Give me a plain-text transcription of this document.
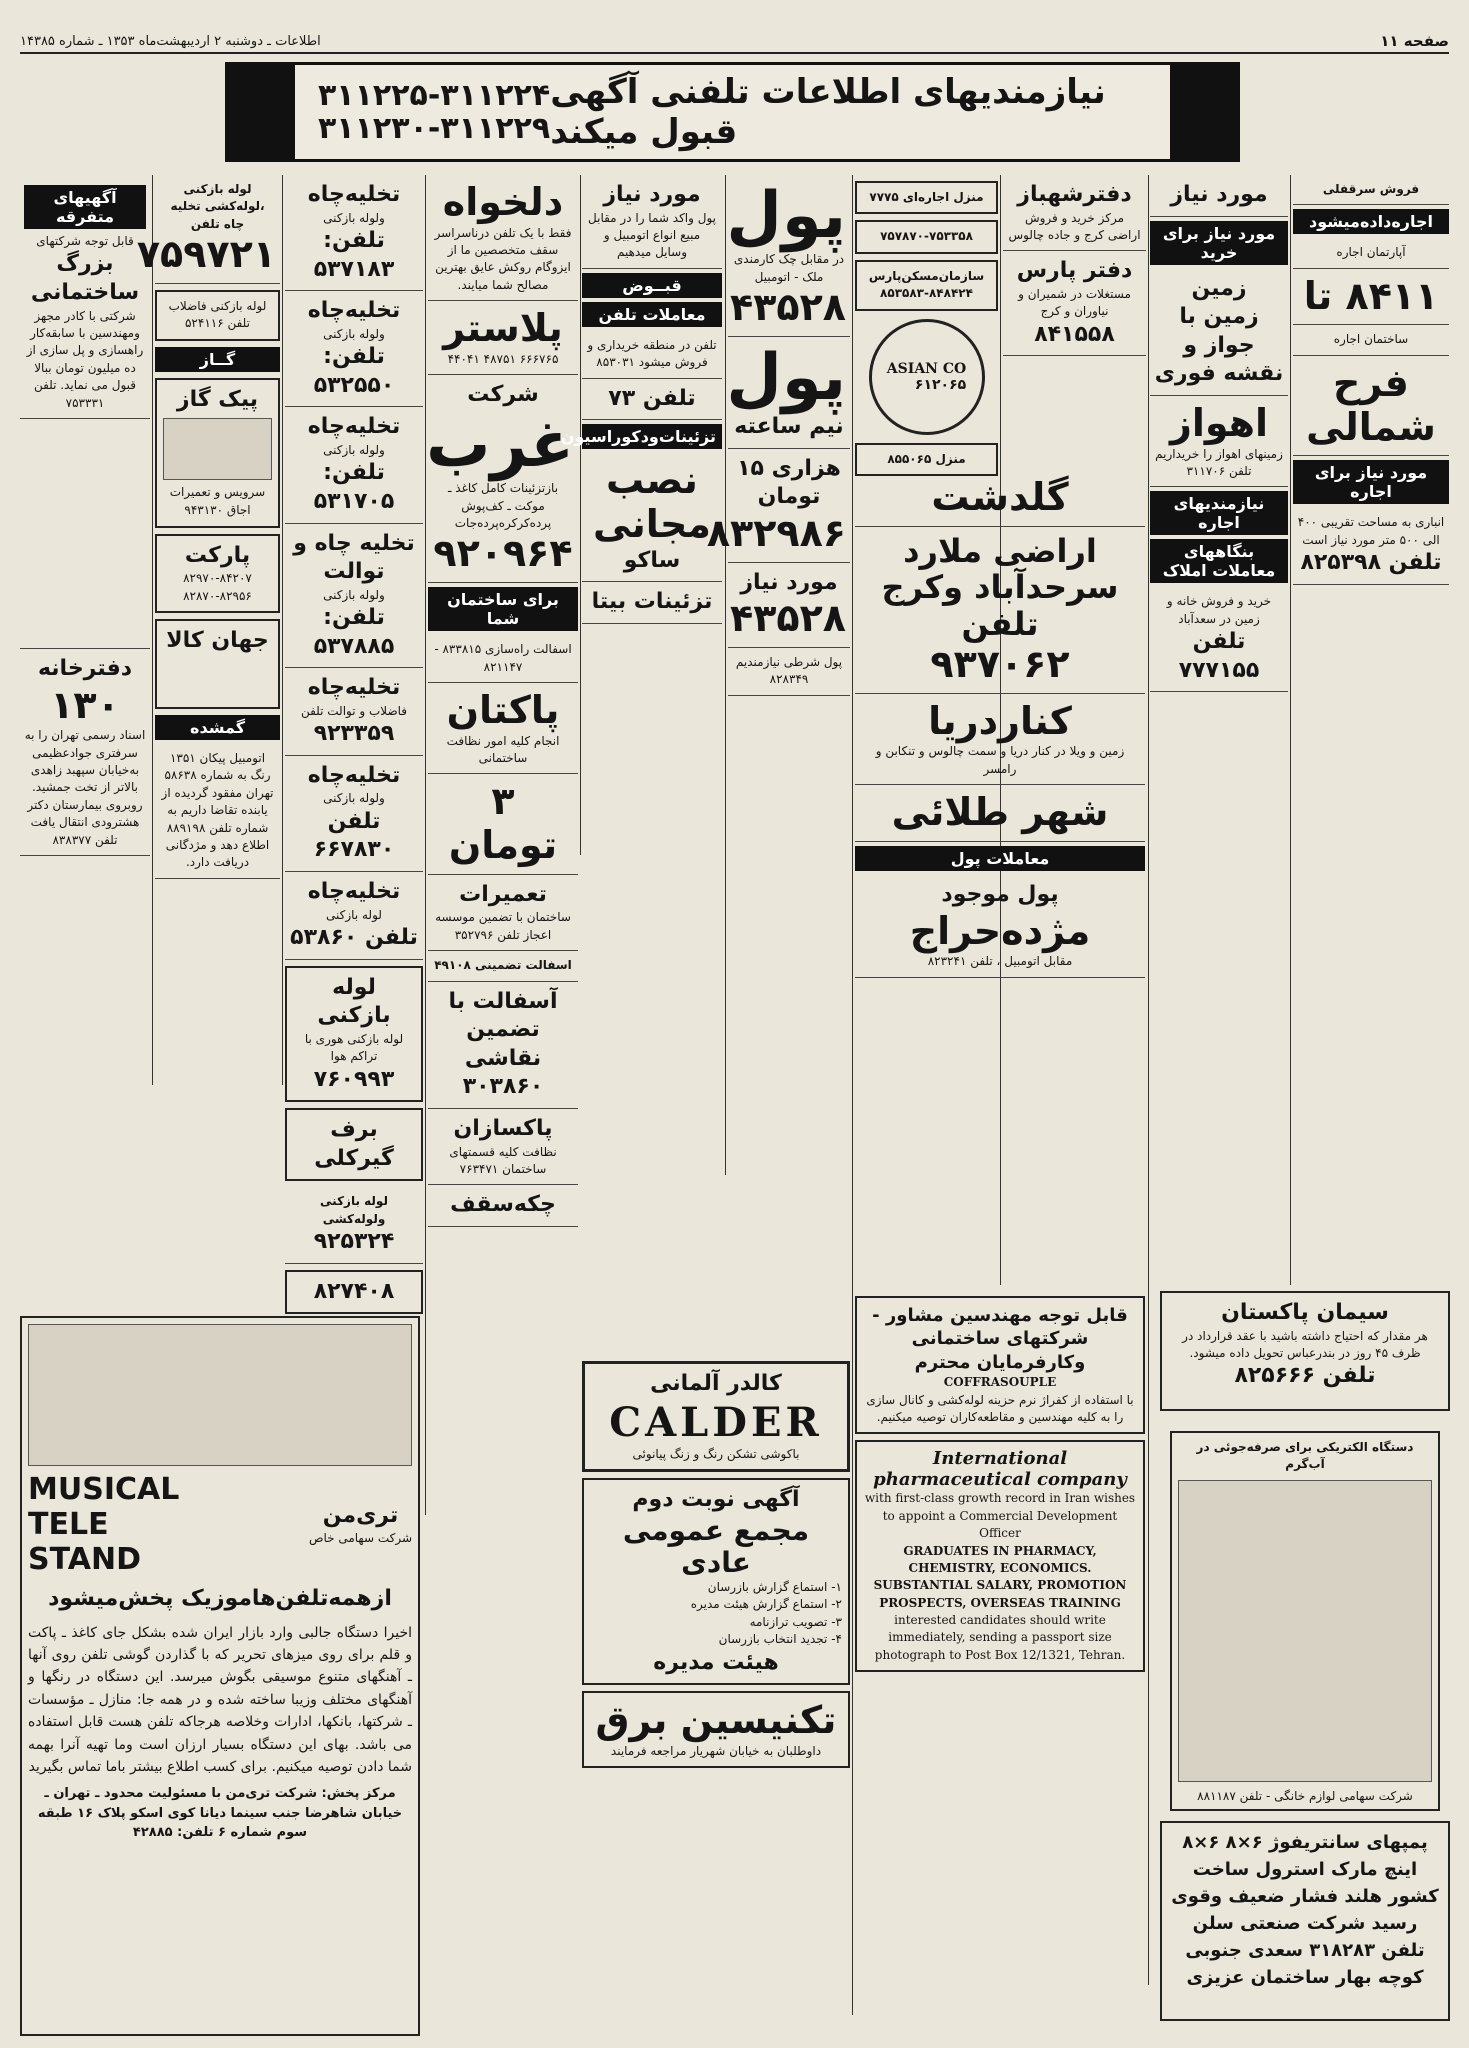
اطلاعات ـ دوشنبه ۲ اردیبهشت‌ماه ۱۳۵۳ ـ شماره ۱۴۳۸۵	صفحه ۱۱
۳۱۱۲۲۵-۳۱۱۲۲۴
۳۱۱۲۳۰-۳۱۱۲۲۹
نیازمندیهای اطلاعات تلفنی آگهی قبول میکند
آگهیهای متفرقه
قابل توجه شرکتهای
بزرگ ساختمانی
شرکتی با کادر مجهز ومهندسین با سابقه‌کار راهسازی و پل سازی از ده میلیون تومان ببالا قبول می نماید. تلفن ۷۵۳۳۳۱
دفترخانه
۱۳۰
اسناد رسمی تهران را به سرفتری جوادعظیمی به‌خیابان سپهبد زاهدی بالاتر از تخت جمشید. روبروی بیمارستان دکتر هشترودی انتقال یافت تلفن ۸۳۸۳۷۷
لوله بازکنی ،لوله‌کشی تخلیه چاه تلفن
۷۵۹۷۲۱
لوله بازکنی فاضلاب تلفن ۵۲۴۱۱۶
گــاز
پیک گاز
سرویس و تعمیرات اجاق ۹۴۳۱۳۰
پارکت
۸۲۹۷۰-۸۴۲۰۷ ۸۲۸۷۰-۸۲۹۵۶
جهان کالا
گمشده
اتومبیل پیکان ۱۳۵۱ رنگ به شماره ۵۸۶۳۸ تهران مفقود گردیده از یابنده تقاضا داریم به شماره تلفن ۸۸۹۱۹۸ اطلاع دهد و مژدگانی دریافت دارد.
تخلیه‌چاه
ولوله بازکنی
تلفن: ۵۳۷۱۸۳
تخلیه‌چاه
ولوله بازکنی
تلفن: ۵۳۲۵۵۰
تخلیه‌چاه
ولوله بازکنی
تلفن: ۵۳۱۷۰۵
تخلیه چاه و توالت
ولوله بازکنی
تلفن: ۵۳۷۸۸۵
تخلیه‌چاه
فاضلاب و توالت تلفن
۹۲۳۳۵۹
تخلیه‌چاه
ولوله بازکنی
تلفن ۶۶۷۸۳۰
تخلیه‌چاه
لوله بازکنی
تلفن ۵۳۸۶۰
لوله بازکنی
لوله بازکنی هوری با تراکم هوا
۷۶۰۹۹۳
برف گیرکلی
لوله بازکنی ولوله‌کشی
۹۲۵۳۲۴
۸۲۷۴۰۸
دلخواه
فقط با یک تلفن درناسراسر سقف متخصصین ما از ایزوگام روکش عایق بهترین مصالح شما میایند.
پلاستر
۶۶۶۷۶۵ ۴۸۷۵۱ ۴۴۰۴۱
شرکت
غرب
بازتزئینات کامل کاغذ ـ موکت ـ کف‌پوش پرده‌کرکره‌پرده‌جات
۹۲۰۹۶۴
برای ساختمان شما
اسفالت راه‌سازی ۸۳۳۸۱۵ - ۸۲۱۱۴۷
پاکتان
انجام کلیه امور نظافت ساختمانی
۳ تومان
تعمیرات
ساختمان با تضمین موسسه اعجاز تلفن ۳۵۲۷۹۶
اسفالت تضمینی ۴۹۱۰۸
آسفالت با تضمین نقاشی ۳۰۳۸۶۰
پاکسازان
نظافت کلیه قسمتهای ساختمان ۷۶۳۴۷۱
چکه‌سقف
مورد نیاز
پول واکد شما را در مقابل مبیع انواع اتومبیل و وسایل میدهیم
قبــوض
معاملات تلفن
تلفن در منطقه خریداری و فروش میشود ۸۵۳۰۳۱
تلفن ۷۳
تزئینات‌ودکوراسیون
نصب
مجانی
ساکو
تزئینات بیتا
پول
در مقابل چک کارمندی ملک - اتومبیل
۴۳۵۲۸
پول
نیم ساعته
هزاری ۱۵ تومان
۸۳۲۹۸۶
مورد نیاز
۴۳۵۲۸
پول شرطی نیازمندیم ۸۲۸۳۴۹
کالدر آلمانی
CALDER
باکوشی تشکن رنگ و زنگ پیانوئی
آگهی نوبت دوم
مجمع عمومی عادی
۱- استماع گزارش بازرسان
۲- استماع گزارش هیئت مدیره
۳- تصویب ترازنامه
۴- تجدید انتخاب بازرسان
هیئت مدیره
تکنیسین برق
داوطلبان به خیابان شهریار مراجعه فرمایند
منزل اجاره‌ای‌ ۷۷۷۵
۷۵۷۸۷۰-۷۵۳۳۵۸
سازمان‌مسکن‌پارس ۸۴۸۴۲۴-۸۵۳۵۸۳
ASIAN CO
۶۱۲۰۶۵
منزل ۸۵۵۰۶۵
دفترشهباز
مرکز خرید و فروش اراضی کرج و جاده چالوس
دفتر پارس
مستغلات در شمیران و نیاوران و کرج
۸۴۱۵۵۸
گلدشت
اراضی ملارد سرحدآباد وکرج تلفن
۹۳۷۰۶۲
کناردریا
زمین و ویلا در کنار دریا و سمت چالوس و تنکابن و رامسر
شهر طلائی
معاملات پول
پول موجود
مژده‌حراج
مقابل اتومبیل ، تلفن ۸۲۳۲۴۱
قابل توجه مهندسین مشاور - شرکتهای ساختمانی وکارفرمایان محترم
COFFRASOUPLE
با استفاده از کفراژ نرم حزینه لوله‌کشی و کانال سازی را به کلیه مهندسین و مقاطعه‌کاران توصیه میکنیم.
International pharmaceutical company
with first-class growth record in Iran wishes to appoint a Commercial Development Officer
GRADUATES IN PHARMACY, CHEMISTRY, ECONOMICS.
SUBSTANTIAL SALARY, PROMOTION PROSPECTS, OVERSEAS TRAINING
interested candidates should write immediately, sending a passport size photograph to Post Box 12/1321, Tehran.
مورد نیاز
مورد نیاز برای خرید
زمین
زمین با جواز و نقشه فوری
اهواز
زمینهای اهواز را خریداریم تلفن ۳۱۱۷۰۶
نیازمندیهای اجاره
بنگاههای معاملات املاک
خرید و فروش خانه و زمین در سعدآباد
تلفن ۷۷۷۱۵۵
فروش سرقفلی
اجاره‌داده‌میشود
آپارتمان اجاره
۸۴۱۱ تا
ساختمان اجاره
فرح شمالی
مورد نیاز برای اجاره
انباری به مساحت تقریبی ۴۰۰ الی ۵۰۰ متر مورد نیاز است
تلفن ۸۲۵۳۹۸
سیمان پاکستان
هر مقدار که احتیاج داشته باشید با عقد قرارداد در ظرف ۴۵ روز در بندرعباس تحویل داده میشود.
تلفن ۸۲۵۶۶۶
دستگاه الکتریکی برای صرفه‌جوئی در آب‌گرم
شرکت سهامی لوازم خانگی - تلفن ۸۸۱۱۸۷
پمپهای سانتریفوژ ۶×۸ ۶×۸ اینچ مارک استرول ساخت کشور هلند فشار ضعیف وقوی رسید شرکت صنعتی سلن تلفن ۳۱۸۲۸۳ سعدی جنوبی کوچه بهار ساختمان عزیزی
تری‌من
شرکت سهامی خاص
MUSICAL TELE STAND
ازهمه‌تلفن‌هاموزیک پخش‌میشود
اخیرا دستگاه جالبی وارد بازار ایران شده بشکل جای کاغذ ـ پاکت و قلم برای روی میزهای تحریر که با گذاردن گوشی تلفن روی آنها ـ آهنگهای متنوع موسیقی بگوش میرسد. این دستگاه در رنگها و آهنگهای مختلف وزیبا ساخته شده و در همه جا: منازل ـ مؤسسات ـ شرکتها، بانکها، ادارات وخلاصه هرجاکه تلفن هست قابل استفاده می باشد. بهای این دستگاه بسیار ارزان است وما تهیه آنرا بهمه شما دادن توصیه میکنیم. برای کسب اطلاع بیشتر باما تماس بگیرید
مرکز پخش: شرکت تری‌من با مسئولیت محدود ـ تهران ـ خیابان شاهرضا جنب سینما دیانا کوی اسکو پلاک ۱۶ طبقه سوم شماره ۶ تلفن: ۴۲۸۸۵
